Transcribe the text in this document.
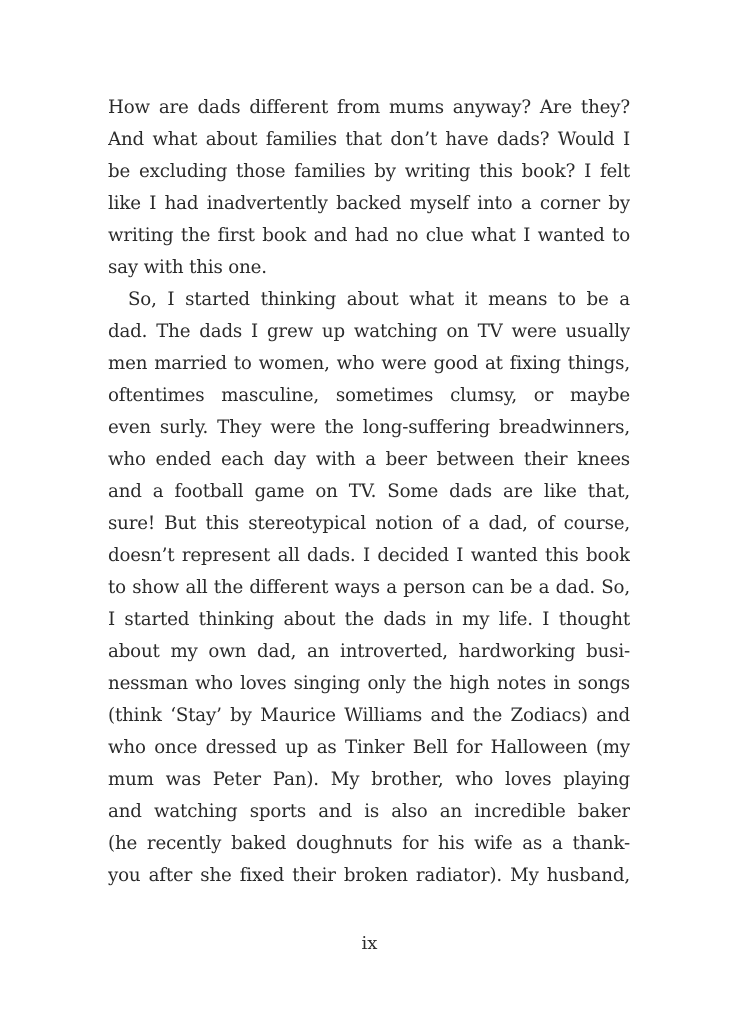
How are dads different from mums anyway? Are they?
And what about families that don’t have dads? Would I
be excluding those families by writing this book? I felt
like I had inadvertently backed myself into a corner by
writing the first book and had no clue what I wanted to
say with this one.
So, I started thinking about what it means to be a
dad. The dads I grew up watching on TV were usually
men married to women, who were good at fixing things,
oftentimes masculine, sometimes clumsy, or maybe
even surly. They were the long-suffering breadwinners,
who ended each day with a beer between their knees
and a football game on TV. Some dads are like that,
sure! But this stereotypical notion of a dad, of course,
doesn’t represent all dads. I decided I wanted this book
to show all the different ways a person can be a dad. So,
I started thinking about the dads in my life. I thought
about my own dad, an introverted, hardworking busi-
nessman who loves singing only the high notes in songs
(think ‘Stay’ by Maurice Williams and the Zodiacs) and
who once dressed up as Tinker Bell for Halloween (my
mum was Peter Pan). My brother, who loves playing
and watching sports and is also an incredible baker
(he recently baked doughnuts for his wife as a thank-
you after she fixed their broken radiator). My husband,
ix
